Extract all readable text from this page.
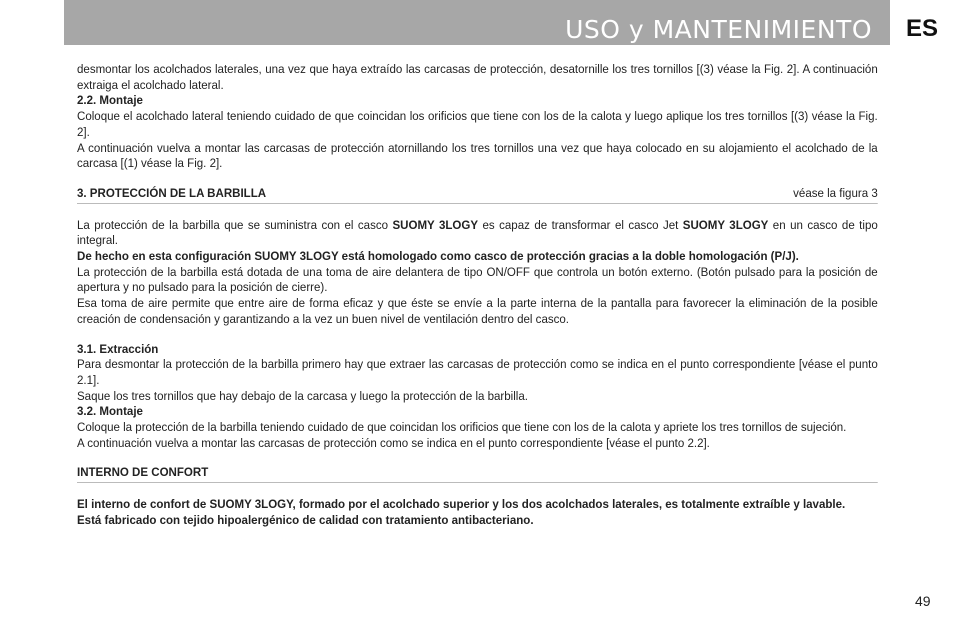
USO y MANTENIMIENTO ES

desmontar los acolchados laterales, una vez que haya extraído las carcasas de protección, desatornille los tres tornillos [(3) véase la Fig. 2]. A continuación extraiga el acolchado lateral.

2.2. Montaje

Coloque el acolchado lateral teniendo cuidado de que coincidan los orificios que tiene con los de la calota y luego aplique los tres tornillos [(3) véase la Fig. 2].

A continuación vuelva a montar las carcasas de protección atornillando los tres tornillos una vez que haya colocado en su alojamiento el acolchado de la carcasa [(1) véase la Fig. 2].

3. PROTECCIÓN DE LA BARBILLA	véase la figura 3

La protección de la barbilla que se suministra con el casco SUOMY 3LOGY es capaz de transformar el casco Jet SUOMY 3LOGY en un casco de tipo integral.

De hecho en esta configuración SUOMY 3LOGY está homologado como casco de protección gracias a la doble homologación (P/J).

La protección de la barbilla está dotada de una toma de aire delantera de tipo ON/OFF que controla un botón externo. (Botón pulsado para la posición de apertura y no pulsado para la posición de cierre).

Esa toma de aire permite que entre aire de forma eficaz y que éste se envíe a la parte interna de la pantalla para favorecer la eliminación de la posible creación de condensación y garantizando a la vez un buen nivel de ventilación dentro del casco.

3.1. Extracción

Para desmontar la protección de la barbilla primero hay que extraer las carcasas de protección como se indica en el punto correspondiente [véase el punto 2.1].

Saque los tres tornillos que hay debajo de la carcasa y luego la protección de la barbilla.

3.2. Montaje

Coloque la protección de la barbilla teniendo cuidado de que coincidan los orificios que tiene con los de la calota y apriete los tres tornillos de sujeción.

A continuación vuelva a montar las carcasas de protección como se indica en el punto correspondiente [véase el punto 2.2].

INTERNO DE CONFORT

El interno de confort de SUOMY 3LOGY, formado por el acolchado superior y los dos acolchados laterales, es totalmente extraíble y lavable.

Está fabricado con tejido hipoalergénico de calidad con tratamiento antibacteriano.

49
